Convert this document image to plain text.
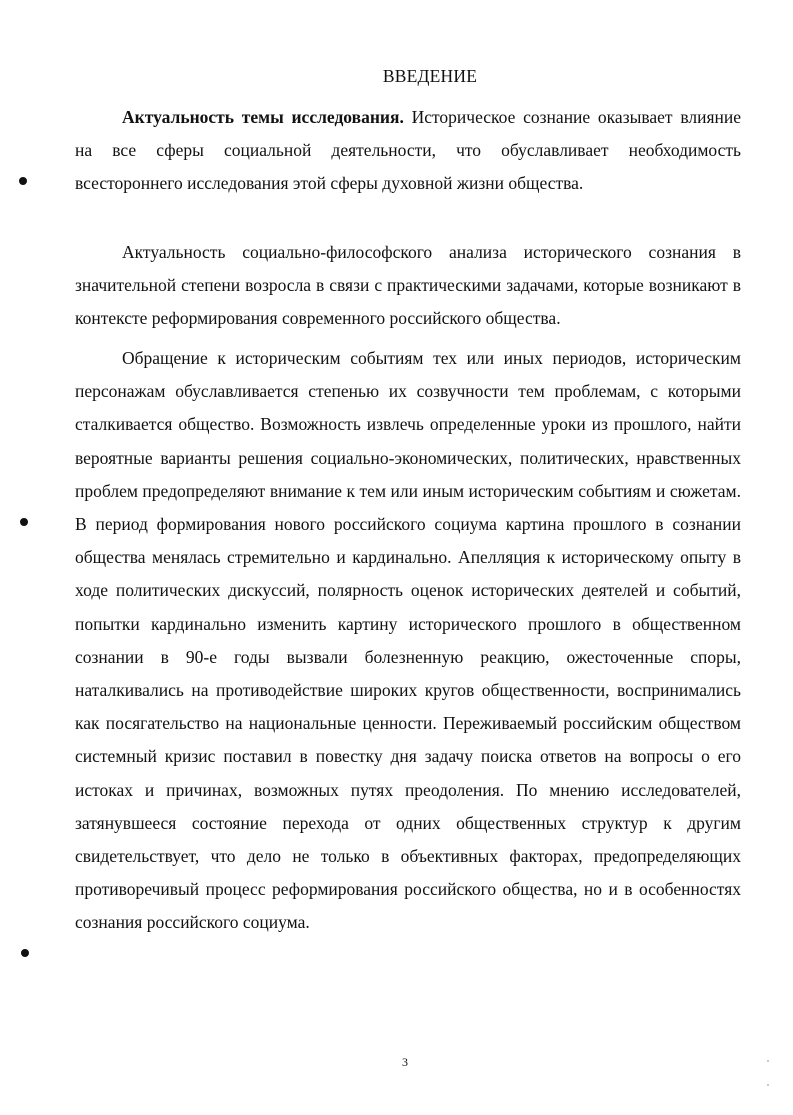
ВВЕДЕНИЕ

Актуальность темы исследования. Историческое сознание оказывает влияние на все сферы социальной деятельности, что обуславливает необходимость всестороннего исследования этой сферы духовной жизни общества.

Актуальность социально-философского анализа исторического сознания в значительной степени возросла в связи с практическими задачами, которые возникают в контексте реформирования современного российского общества.

Обращение к историческим событиям тех или иных периодов, историческим персонажам обуславливается степенью их созвучности тем проблемам, с которыми сталкивается общество. Возможность извлечь определенные уроки из прошлого, найти вероятные варианты решения социально-экономических, политических, нравственных проблем предопределяют внимание к тем или иным историческим событиям и сюжетам. В период формирования нового российского социума картина прошлого в сознании общества менялась стремительно и кардинально. Апелляция к историческому опыту в ходе политических дискуссий, полярность оценок исторических деятелей и событий, попытки кардинально изменить картину исторического прошлого в общественном сознании в 90-е годы вызвали болезненную реакцию, ожесточенные споры, наталкивались на противодействие широких кругов общественности, воспринимались как посягательство на национальные ценности. Переживаемый российским обществом системный кризис поставил в повестку дня задачу поиска ответов на вопросы о его истоках и причинах, возможных путях преодоления. По мнению исследователей, затянувшееся состояние перехода от одних общественных структур к другим свидетельствует, что дело не только в объективных факторах, предопределяющих противоречивый процесс реформирования российского общества, но и в особенностях сознания российского социума.

3
